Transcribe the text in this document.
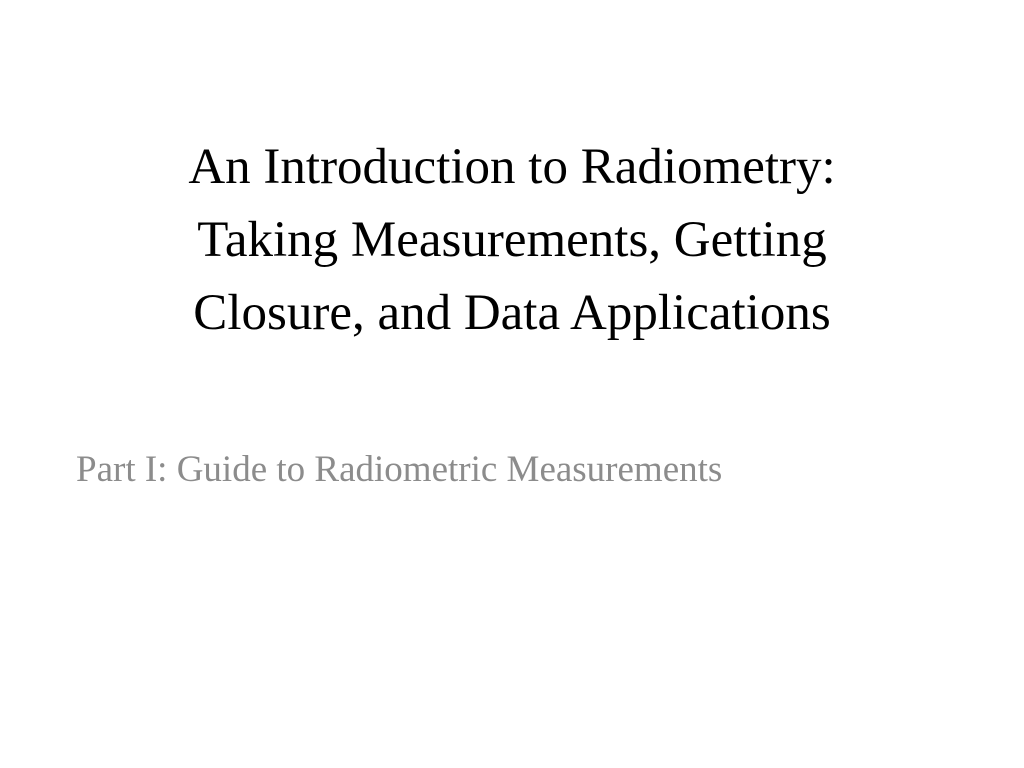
An Introduction to Radiometry:
Taking Measurements, Getting
Closure, and Data Applications

Part I: Guide to Radiometric Measurements
